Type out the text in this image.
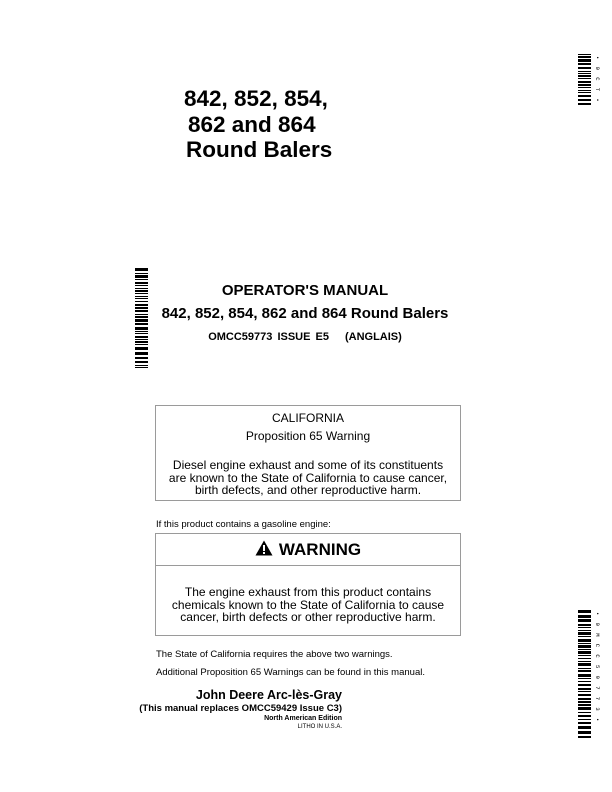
842, 852, 854,
862 and 864
Round Balers
• 0 C T •
• 0 M C C 5 9 7 7 3 •
OPERATOR'S MANUAL
842, 852, 854, 862 and 864 Round Balers
OMCC59773 ISSUE E5 (ANGLAIS)
CALIFORNIA
Proposition 65 Warning
Diesel engine exhaust and some of its constituents are known to the State of California to cause cancer, birth defects, and other reproductive harm.
If this product contains a gasoline engine:
WARNING
The engine exhaust from this product contains chemicals known to the State of California to cause cancer, birth defects or other reproductive harm.
The State of California requires the above two warnings.
Additional Proposition 65 Warnings can be found in this manual.
John Deere Arc-lès-Gray
(This manual replaces OMCC59429 Issue C3)
North American Edition
LITHO IN U.S.A.
